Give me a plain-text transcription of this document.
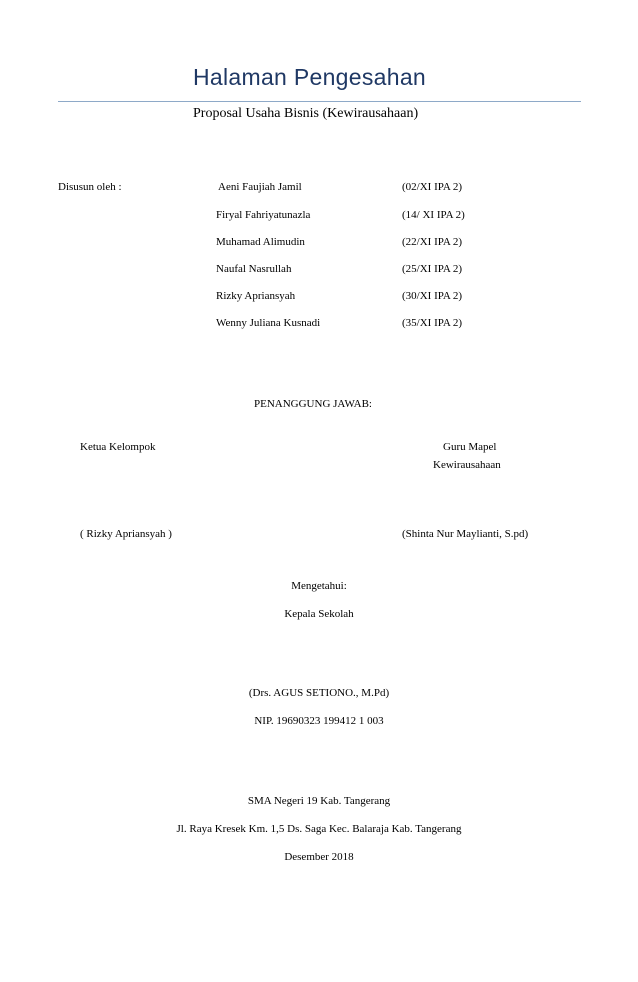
Halaman Pengesahan
Proposal Usaha Bisnis (Kewirausahaan)
Disusun oleh :	Aeni Faujiah Jamil	(02/XI IPA 2)
Firyal Fahriyatunazla	(14/ XI IPA 2)
Muhamad Alimudin	(22/XI IPA 2)
Naufal Nasrullah	(25/XI IPA 2)
Rizky Apriansyah	(30/XI IPA 2)
Wenny Juliana Kusnadi	(35/XI IPA 2)
PENANGGUNG JAWAB:
Ketua Kelompok	Guru Mapel
Kewirausahaan
( Rizky Apriansyah )	(Shinta Nur Maylianti, S.pd)
Mengetahui:
Kepala Sekolah
(Drs. AGUS SETIONO., M.Pd)
NIP. 19690323 199412 1 003
SMA Negeri 19 Kab. Tangerang
Jl. Raya Kresek Km. 1,5 Ds. Saga Kec. Balaraja Kab. Tangerang
Desember 2018
